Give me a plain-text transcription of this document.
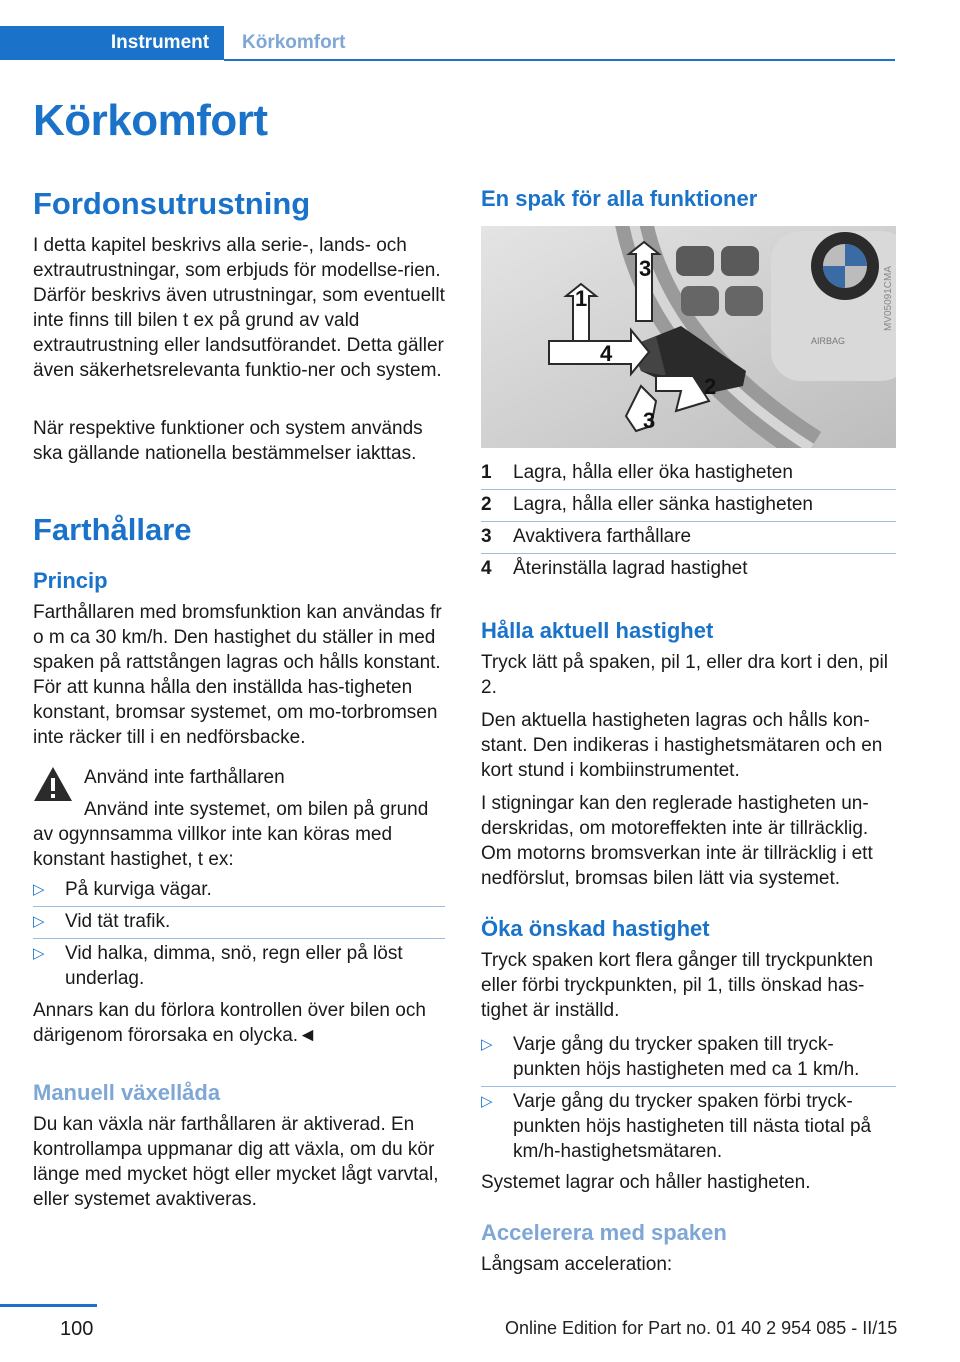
Instrument	Körkomfort
Körkomfort
Fordonsutrustning

I detta kapitel beskrivs alla serie-, lands- och extrautrustningar, som erbjuds för modellse-rien. Därför beskrivs även utrustningar, som eventuellt inte finns till bilen t ex på grund av vald extrautrustning eller landsutförandet. Detta gäller även säkerhetsrelevanta funktio-ner och system.

När respektive funktioner och system används ska gällande nationella bestämmelser iakttas.

Farthållare
Princip

Farthållaren med bromsfunktion kan användas fr o m ca 30 km/h. Den hastighet du ställer in med spaken på rattstången lagras och hålls konstant. För att kunna hålla den inställda has-tigheten konstant, bromsar systemet, om mo-torbromsen inte räcker till i en nedförsbacke.

Använd inte farthållaren

Använd inte systemet, om bilen på grund av ogynnsamma villkor inte kan köras med konstant hastighet, t ex:

▷	På kurviga vägar.
▷	Vid tät trafik.
▷	Vid halka, dimma, snö, regn eller på löst underlag.

Annars kan du förlora kontrollen över bilen och därigenom förorsaka en olycka.◄

Manuell växellåda

Du kan växla när farthållaren är aktiverad. En kontrollampa uppmanar dig att växla, om du kör länge med mycket högt eller mycket lågt varvtal, eller systemet avaktiveras.

En spak för alla funktioner
AIRBAG
1
2
3
3
4
MV05091CMA
1	Lagra, hålla eller öka hastigheten
2	Lagra, hålla eller sänka hastigheten
3	Avaktivera farthållare
4	Återinställa lagrad hastighet
Hålla aktuell hastighet

Tryck lätt på spaken, pil 1, eller dra kort i den, pil 2.

Den aktuella hastigheten lagras och hålls kon-stant. Den indikeras i hastighetsmätaren och en kort stund i kombiinstrumentet.

I stigningar kan den reglerade hastigheten un-derskridas, om motoreffekten inte är tillräcklig. Om motorns bromsverkan inte är tillräcklig i ett nedförslut, bromsas bilen lätt via systemet.

Öka önskad hastighet

Tryck spaken kort flera gånger till tryckpunkten eller förbi tryckpunkten, pil 1, tills önskad has-tighet är inställd.

▷	Varje gång du trycker spaken till tryck-punkten höjs hastigheten med ca 1 km/h.
▷	Varje gång du trycker spaken förbi tryck-punkten höjs hastigheten till nästa tiotal på km/h-hastighetsmätaren.

Systemet lagrar och håller hastigheten.

Accelerera med spaken

Långsam acceleration:

100	Online Edition for Part no. 01 40 2 954 085 - II/15
